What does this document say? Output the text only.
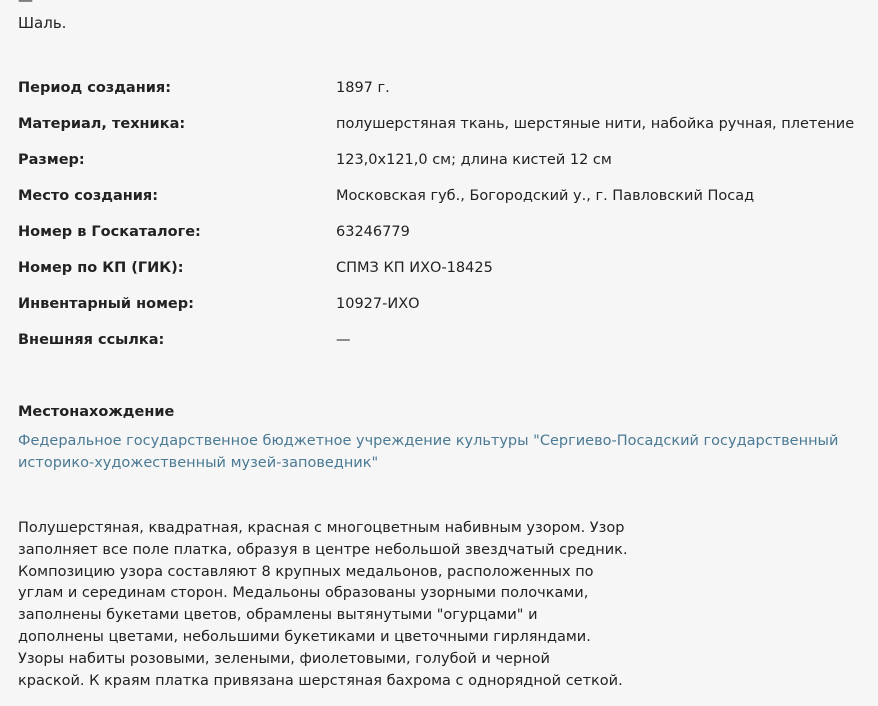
—
Шаль.
Период создания:	1897 г.
Материал, техника:	полушерстяная ткань, шерстяные нити, набойка ручная, плетение
Размер:	123,0x121,0 см; длина кистей 12 см
Место создания:	Московская губ., Богородский у., г. Павловский Посад
Номер в Госкаталоге:	63246779
Номер по КП (ГИК):	СПМЗ КП ИХО-18425
Инвентарный номер:	10927-ИХО
Внешняя ссылка:	—
Местонахождение
Федеральное государственное бюджетное учреждение культуры "Сергиево-Посадский государственный историко-художественный музей-заповедник"
Полушерстяная, квадратная, красная с многоцветным набивным узором. Узор
заполняет все поле платка, образуя в центре небольшой звездчатый средник.
Композицию узора составляют 8 крупных медальонов, расположенных по
углам и серединам сторон. Медальоны образованы узорными полочками,
заполнены букетами цветов, обрамлены вытянутыми "огурцами" и
дополнены цветами, небольшими букетиками и цветочными гирляндами.
Узоры набиты розовыми, зелеными, фиолетовыми, голубой и черной
краской. К краям платка привязана шерстяная бахрома с однорядной сеткой.
